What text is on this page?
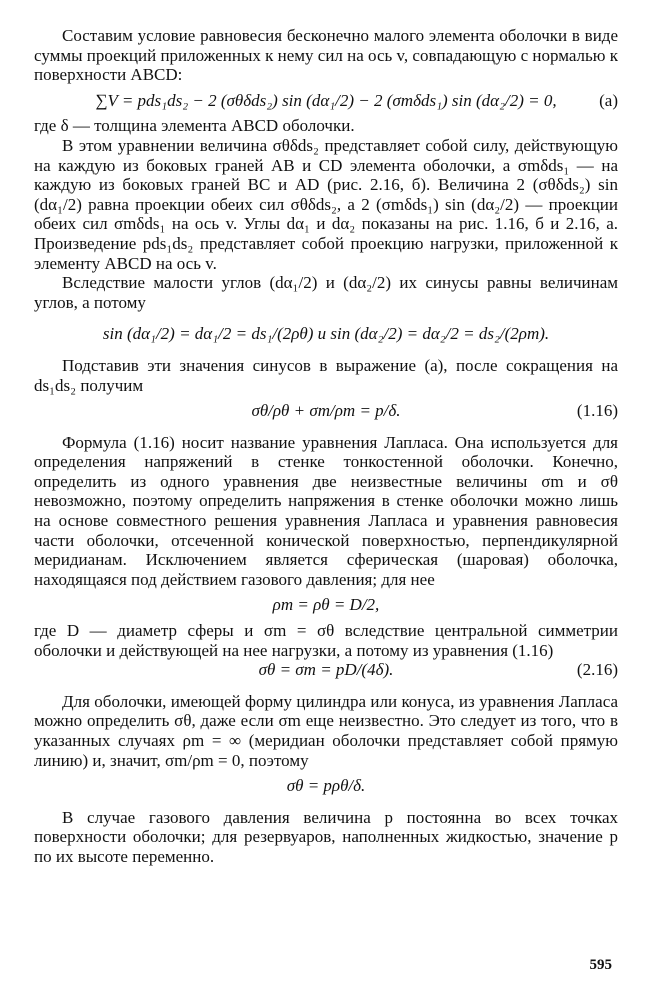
Составим условие равновесия бесконечно малого элемента оболочки в виде суммы проекций приложенных к нему сил на ось v, совпадающую с нормалью к поверхности ABCD:

∑V = pds₁ds₂ − 2 (σθδds₂) sin (dα₁/2) − 2 (σmδds₁) sin (dα₂/2) = 0,	(а)

где δ — толщина элемента ABCD оболочки.

В этом уравнении величина σθδds₂ представляет собой силу, действующую на каждую из боковых граней AB и CD элемента оболочки, а σmδds₁ — на каждую из боковых граней BC и AD (рис. 2.16, б). Величина 2 (σθδds₂) sin (dα₁/2) равна проекции обеих сил σθδds₂, а 2 (σmδds₁) sin (dα₂/2) — проекции обеих сил σmδds₁ на ось v. Углы dα₁ и dα₂ показаны на рис. 1.16, б и 2.16, а. Произведение pds₁ds₂ представляет собой проекцию нагрузки, приложенной к элементу ABCD на ось v.

Вследствие малости углов (dα₁/2) и (dα₂/2) их синусы равны величинам углов, а потому

sin (dα₁/2) = dα₁/2 = ds₁/(2ρθ) и sin (dα₂/2) = dα₂/2 = ds₂/(2ρm).

Подставив эти значения синусов в выражение (а), после сокращения на ds₁ds₂ получим

σθ/ρθ + σm/ρm = p/δ.	(1.16)

Формула (1.16) носит название уравнения Лапласа. Она используется для определения напряжений в стенке тонкостенной оболочки. Конечно, определить из одного уравнения две неизвестные величины σm и σθ невозможно, поэтому определить напряжения в стенке оболочки можно лишь на основе совместного решения уравнения Лапласа и уравнения равновесия части оболочки, отсеченной конической поверхностью, перпендикулярной меридианам. Исключением является сферическая (шаровая) оболочка, находящаяся под действием газового давления; для нее

ρm = ρθ = D/2,

где D — диаметр сферы и σm = σθ вследствие центральной симметрии оболочки и действующей на нее нагрузки, а потому из уравнения (1.16)

σθ = σm = pD/(4δ).	(2.16)

Для оболочки, имеющей форму цилиндра или конуса, из уравнения Лапласа можно определить σθ, даже если σm еще неизвестно. Это следует из того, что в указанных случаях ρm = ∞ (меридиан оболочки представляет собой прямую линию) и, значит, σm/ρm = 0, поэтому

σθ = pρθ/δ.

В случае газового давления величина p постоянна во всех точках поверхности оболочки; для резервуаров, наполненных жидкостью, значение p по их высоте переменно.

595
